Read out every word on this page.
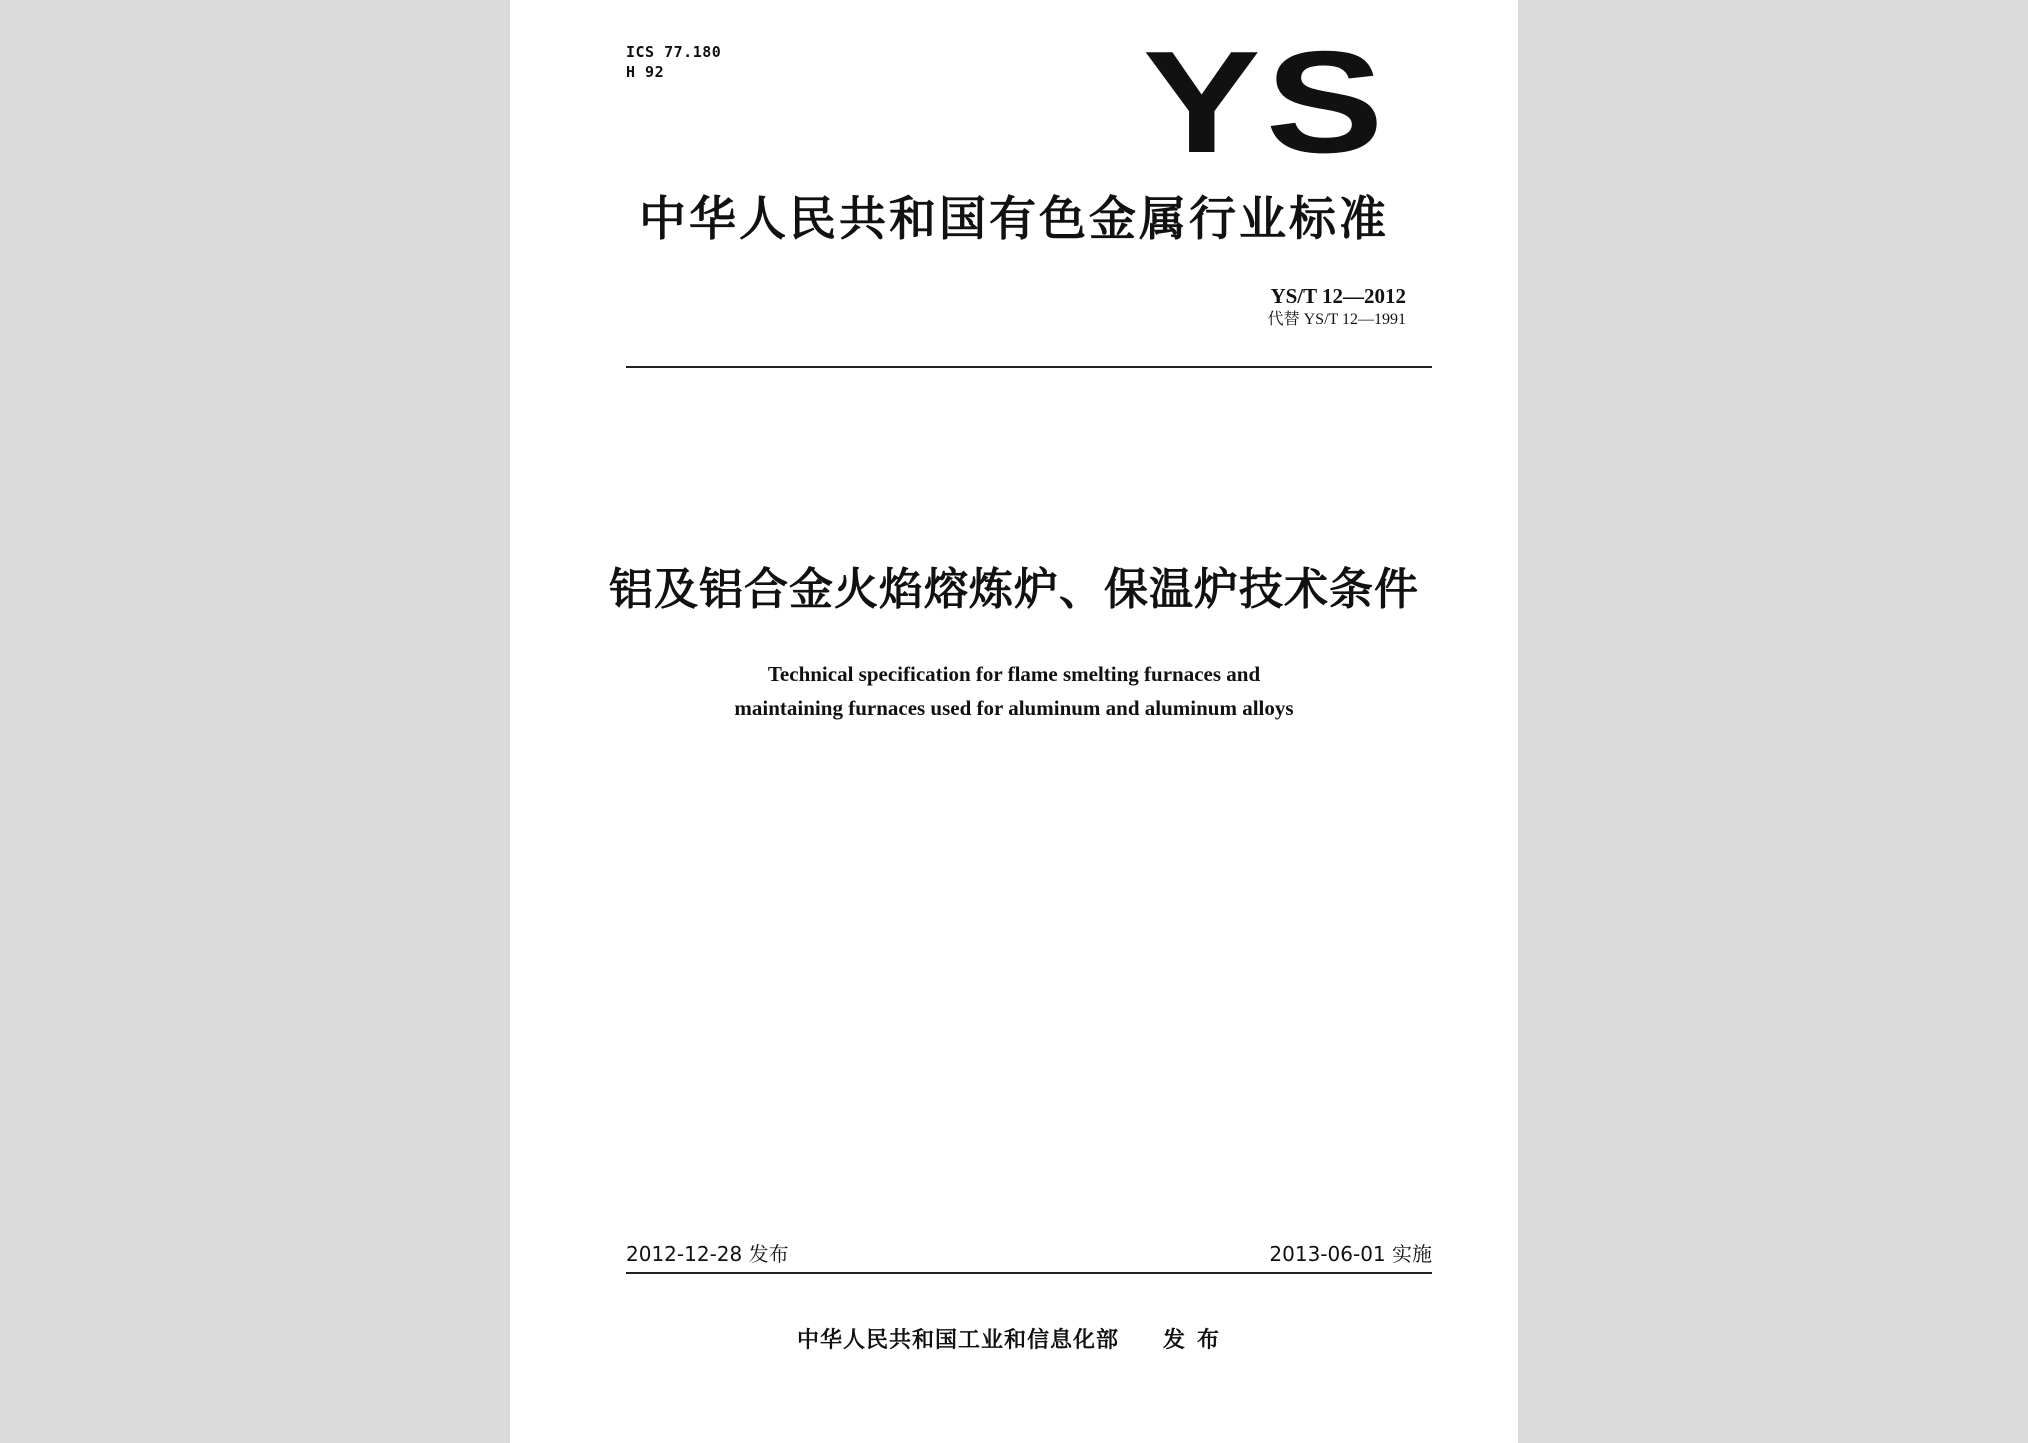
ICS 77.180
H 92	YS
中华人民共和国有色金属行业标准
YS/T 12—2012
代替 YS/T 12—1991
铝及铝合金火焰熔炼炉、保温炉技术条件
Technical specification for flame smelting furnaces and
maintaining furnaces used for aluminum and aluminum alloys
2012-12-28 发布	2013-06-01 实施
中华人民共和国工业和信息化部 发布
